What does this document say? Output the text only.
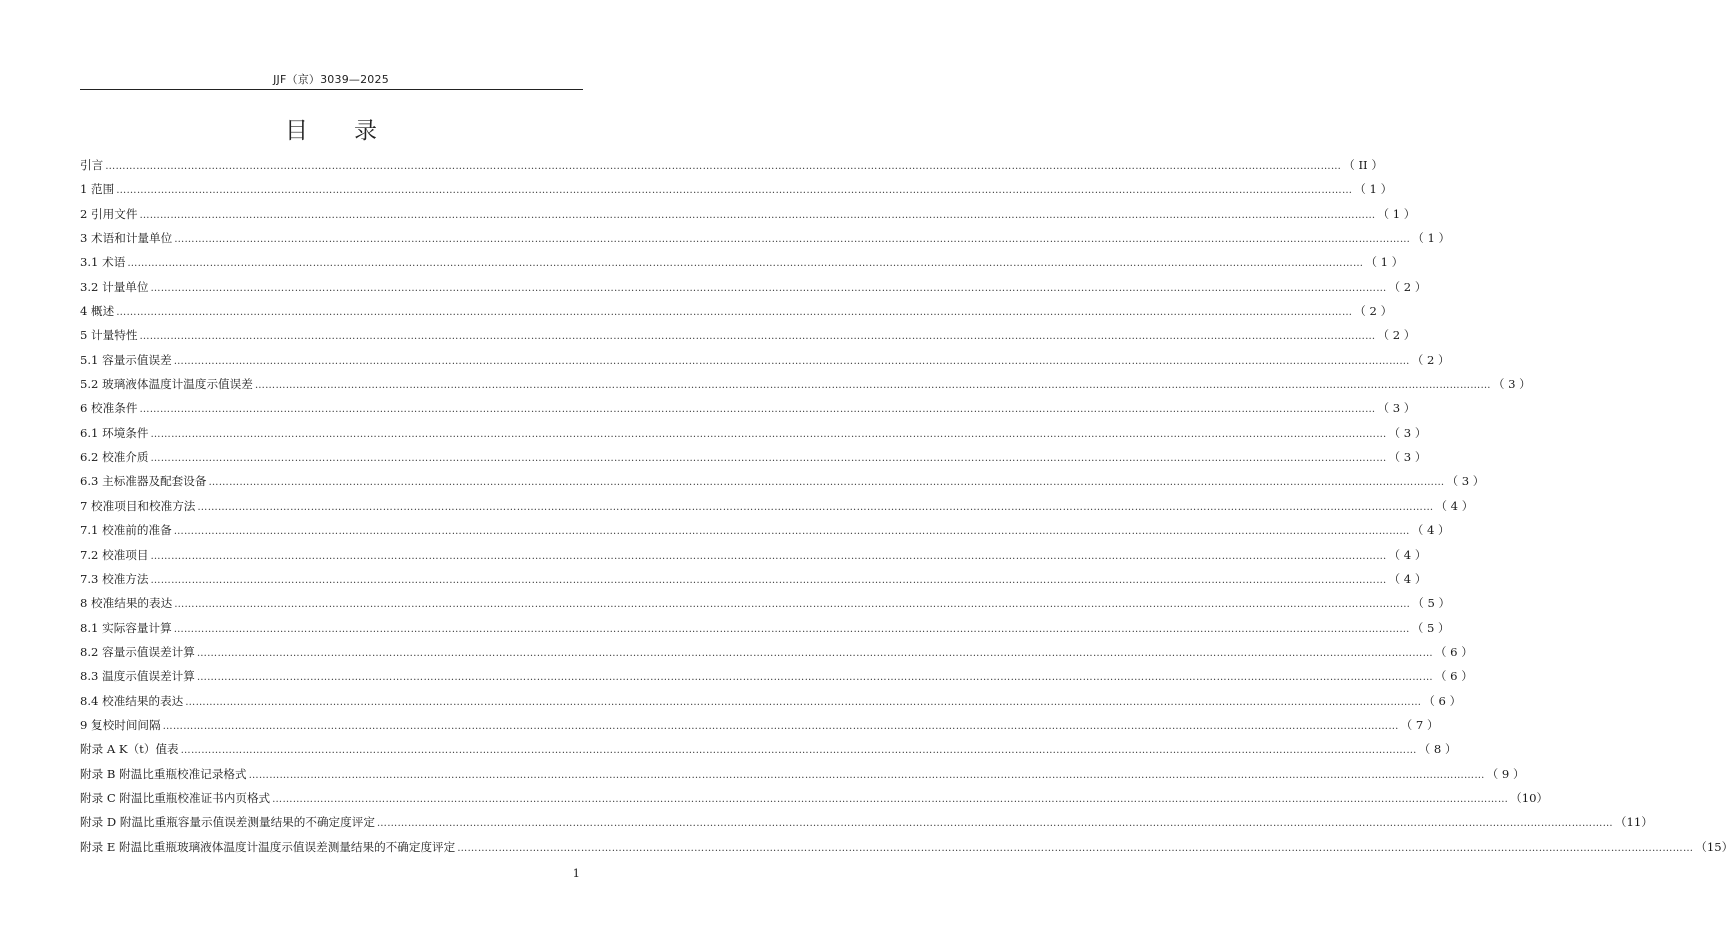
JJF（京）3039—2025
目录
引言 ……………………………………………………………………………………………………………………………………………………………………………………………………………………………………………………………………………………………………………………………… （ II ）
1 范围 ……………………………………………………………………………………………………………………………………………………………………………………………………………………………………………………………………………………………………………………………… （ 1 ）
2 引用文件 ……………………………………………………………………………………………………………………………………………………………………………………………………………………………………………………………………………………………………………………………… （ 1 ）
3 术语和计量单位 ……………………………………………………………………………………………………………………………………………………………………………………………………………………………………………………………………………………………………………………………… （ 1 ）
3.1 术语 ……………………………………………………………………………………………………………………………………………………………………………………………………………………………………………………………………………………………………………………………… （ 1 ）
3.2 计量单位 ……………………………………………………………………………………………………………………………………………………………………………………………………………………………………………………………………………………………………………………………… （ 2 ）
4 概述 ……………………………………………………………………………………………………………………………………………………………………………………………………………………………………………………………………………………………………………………………… （ 2 ）
5 计量特性 ……………………………………………………………………………………………………………………………………………………………………………………………………………………………………………………………………………………………………………………………… （ 2 ）
5.1 容量示值误差 ……………………………………………………………………………………………………………………………………………………………………………………………………………………………………………………………………………………………………………………………… （ 2 ）
5.2 玻璃液体温度计温度示值误差 ……………………………………………………………………………………………………………………………………………………………………………………………………………………………………………………………………………………………………………………………… （ 3 ）
6 校准条件 ……………………………………………………………………………………………………………………………………………………………………………………………………………………………………………………………………………………………………………………………… （ 3 ）
6.1 环境条件 ……………………………………………………………………………………………………………………………………………………………………………………………………………………………………………………………………………………………………………………………… （ 3 ）
6.2 校准介质 ……………………………………………………………………………………………………………………………………………………………………………………………………………………………………………………………………………………………………………………………… （ 3 ）
6.3 主标准器及配套设备 ……………………………………………………………………………………………………………………………………………………………………………………………………………………………………………………………………………………………………………………………… （ 3 ）
7 校准项目和校准方法 ……………………………………………………………………………………………………………………………………………………………………………………………………………………………………………………………………………………………………………………………… （ 4 ）
7.1 校准前的准备 ……………………………………………………………………………………………………………………………………………………………………………………………………………………………………………………………………………………………………………………………… （ 4 ）
7.2 校准项目 ……………………………………………………………………………………………………………………………………………………………………………………………………………………………………………………………………………………………………………………………… （ 4 ）
7.3 校准方法 ……………………………………………………………………………………………………………………………………………………………………………………………………………………………………………………………………………………………………………………………… （ 4 ）
8 校准结果的表达 ……………………………………………………………………………………………………………………………………………………………………………………………………………………………………………………………………………………………………………………………… （ 5 ）
8.1 实际容量计算 ……………………………………………………………………………………………………………………………………………………………………………………………………………………………………………………………………………………………………………………………… （ 5 ）
8.2 容量示值误差计算 ……………………………………………………………………………………………………………………………………………………………………………………………………………………………………………………………………………………………………………………………… （ 6 ）
8.3 温度示值误差计算 ……………………………………………………………………………………………………………………………………………………………………………………………………………………………………………………………………………………………………………………………… （ 6 ）
8.4 校准结果的表达 ……………………………………………………………………………………………………………………………………………………………………………………………………………………………………………………………………………………………………………………………… （ 6 ）
9 复校时间间隔 ……………………………………………………………………………………………………………………………………………………………………………………………………………………………………………………………………………………………………………………………… （ 7 ）
附录 A K（t）值表 ……………………………………………………………………………………………………………………………………………………………………………………………………………………………………………………………………………………………………………………………… （ 8 ）
附录 B 附温比重瓶校准记录格式 ……………………………………………………………………………………………………………………………………………………………………………………………………………………………………………………………………………………………………………………………… （ 9 ）
附录 C 附温比重瓶校准证书内页格式 ……………………………………………………………………………………………………………………………………………………………………………………………………………………………………………………………………………………………………………………………… （10）
附录 D 附温比重瓶容量示值误差测量结果的不确定度评定 ……………………………………………………………………………………………………………………………………………………………………………………………………………………………………………………………………………………………………………………………… （11）
附录 E 附温比重瓶玻璃液体温度计温度示值误差测量结果的不确定度评定 ……………………………………………………………………………………………………………………………………………………………………………………………………………………………………………………………………………………………………………………………… （15）
1
